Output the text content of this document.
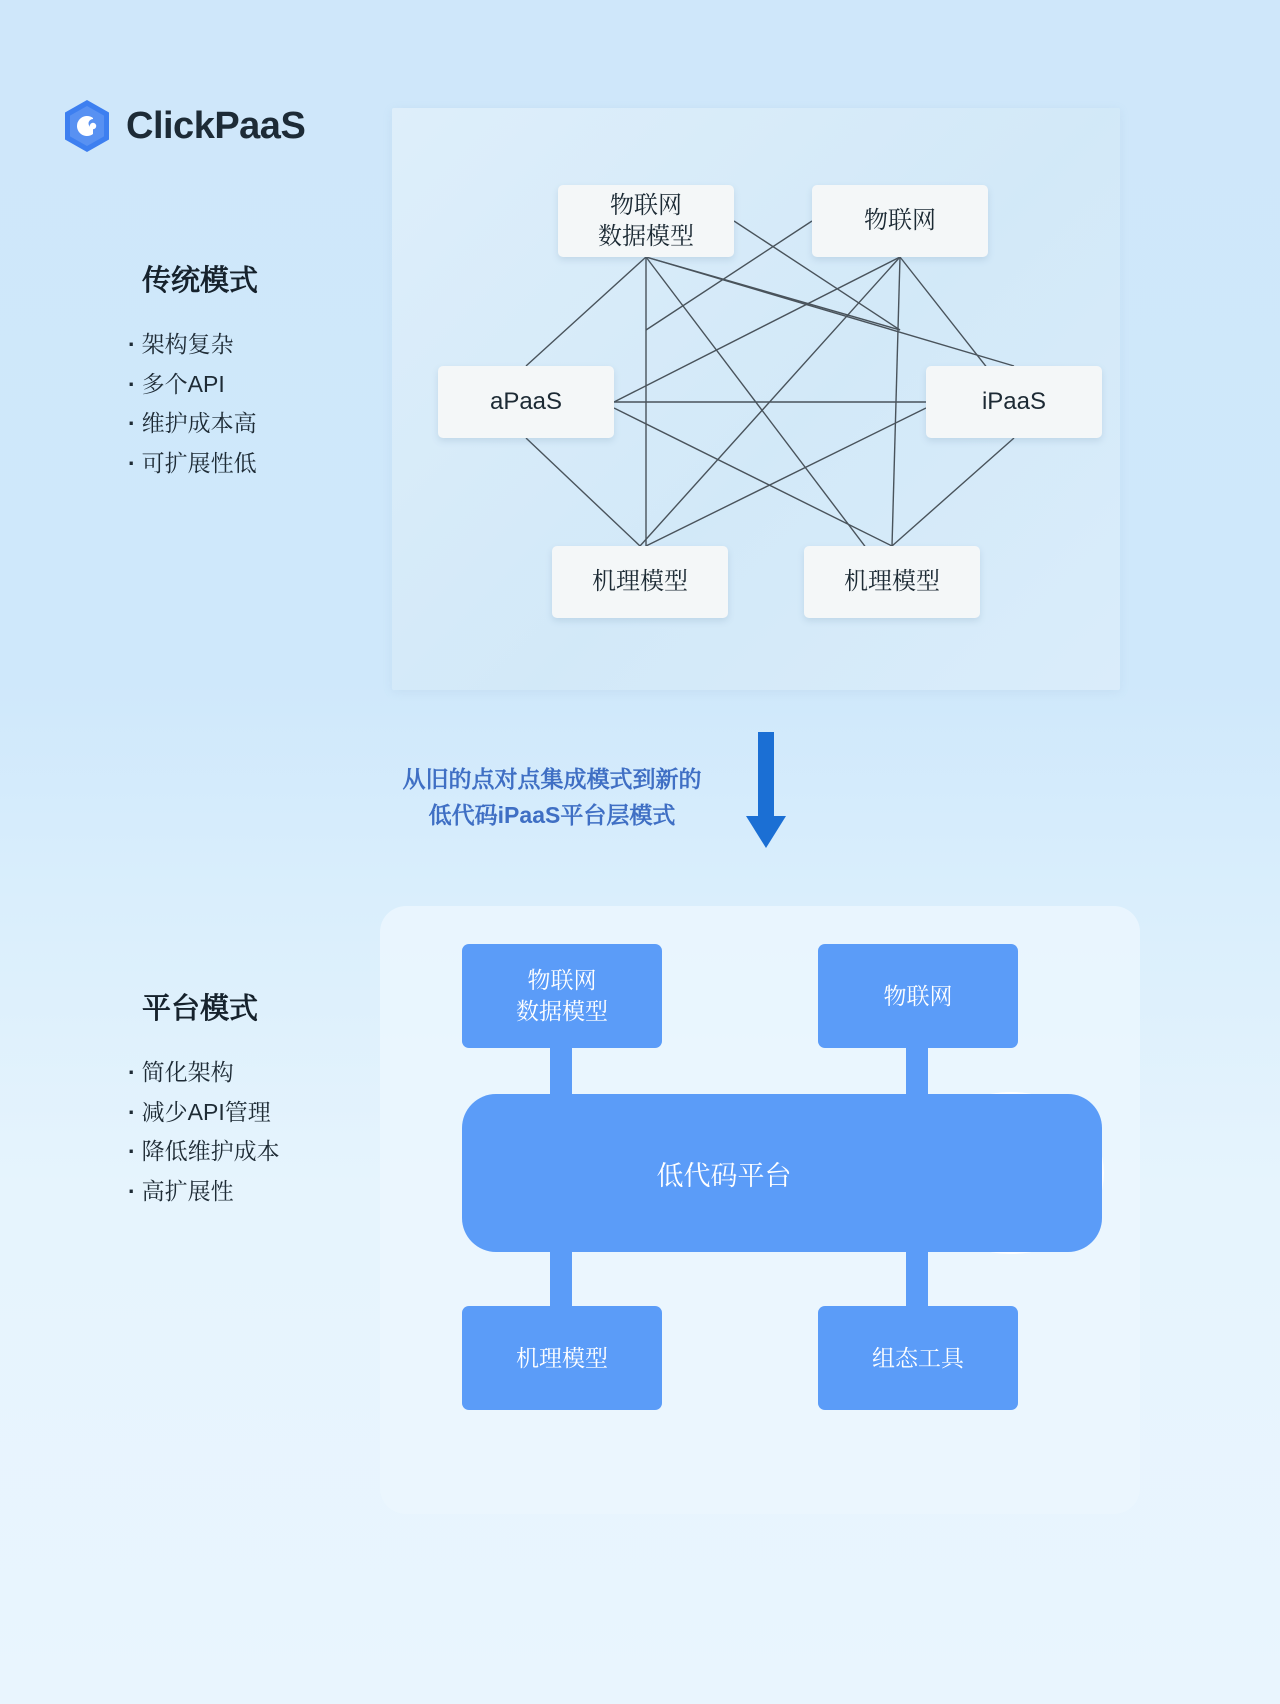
ClickPaaS
传统模式
· 架构复杂
· 多个API
· 维护成本高
· 可扩展性低
物联网
数据模型
物联网
aPaaS	iPaaS
机理模型	机理模型
从旧的点对点集成模式到新的
低代码iPaaS平台层模式
平台模式
· 简化架构
· 减少API管理
· 降低维护成本
· 高扩展性
物联网
数据模型
物联网
低代码平台
机理模型	组态工具
